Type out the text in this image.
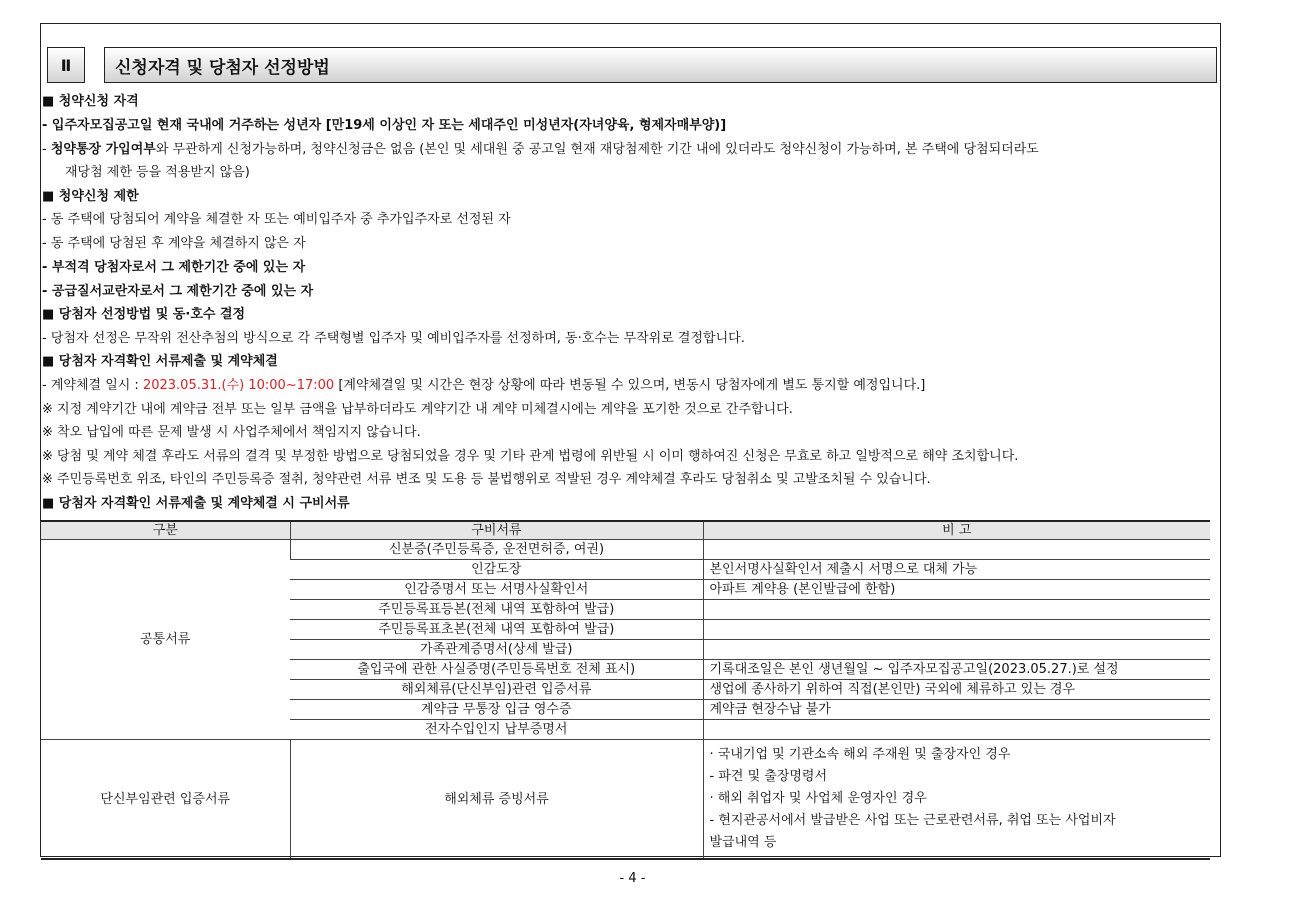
Ⅱ	신청자격 및 당첨자 선정방법
■ 청약신청 자격
- 입주자모집공고일 현재 국내에 거주하는 성년자 [만19세 이상인 자 또는 세대주인 미성년자(자녀양육, 형제자매부양)]
- 청약통장 가입여부와 무관하게 신청가능하며, 청약신청금은 없음 (본인 및 세대원 중 공고일 현재 재당첨제한 기간 내에 있더라도 청약신청이 가능하며, 본 주택에 당첨되더라도
재당첨 제한 등을 적용받지 않음)
■ 청약신청 제한
- 동 주택에 당첨되어 계약을 체결한 자 또는 예비입주자 중 추가입주자로 선정된 자
- 동 주택에 당첨된 후 계약을 체결하지 않은 자
- 부적격 당첨자로서 그 제한기간 중에 있는 자
- 공급질서교란자로서 그 제한기간 중에 있는 자
■ 당첨자 선정방법 및 동·호수 결정
- 당첨자 선정은 무작위 전산추첨의 방식으로 각 주택형별 입주자 및 예비입주자를 선정하며, 동·호수는 무작위로 결정합니다.
■ 당첨자 자격확인 서류제출 및 계약체결
- 계약체결 일시 : 2023.05.31.(수) 10:00~17:00 [계약체결일 및 시간은 현장 상황에 따라 변동될 수 있으며, 변동시 당첨자에게 별도 통지할 예정입니다.]
※ 지정 계약기간 내에 계약금 전부 또는 일부 금액을 납부하더라도 계약기간 내 계약 미체결시에는 계약을 포기한 것으로 간주합니다.
※ 착오 납입에 따른 문제 발생 시 사업주체에서 책임지지 않습니다.
※ 당첨 및 계약 체결 후라도 서류의 결격 및 부정한 방법으로 당첨되었을 경우 및 기타 관계 법령에 위반될 시 이미 행하여진 신청은 무효로 하고 일방적으로 해약 조치합니다.
※ 주민등록번호 위조, 타인의 주민등록증 절취, 청약관련 서류 변조 및 도용 등 불법행위로 적발된 경우 계약체결 후라도 당첨취소 및 고발조치될 수 있습니다.
■ 당첨자 자격확인 서류제출 및 계약체결 시 구비서류
구분	구비서류	비 고
공통서류	신분증(주민등록증, 운전면허증, 여권)	
	인감도장	본인서명사실확인서 제출시 서명으로 대체 가능
	인감증명서 또는 서명사실확인서	아파트 계약용 (본인발급에 한함)
	주민등록표등본(전체 내역 포함하여 발급)	
	주민등록표초본(전체 내역 포함하여 발급)	
	가족관계증명서(상세 발급)	
	출입국에 관한 사실증명(주민등록번호 전체 표시)	기록대조일은 본인 생년월일 ~ 입주자모집공고일(2023.05.27.)로 설정
	해외체류(단신부임)관련 입증서류	생업에 종사하기 위하여 직접(본인만) 국외에 체류하고 있는 경우
	계약금 무통장 입금 영수증	계약금 현장수납 불가
	전자수입인지 납부증명서	
단신부임관련 입증서류	해외체류 증빙서류	· 국내기업 및 기관소속 해외 주재원 및 출장자인 경우
- 파견 및 출장명령서
· 해외 취업자 및 사업체 운영자인 경우
- 현지관공서에서 발급받은 사업 또는 근로관련서류, 취업 또는 사업비자
발급내역 등
- 4 -
